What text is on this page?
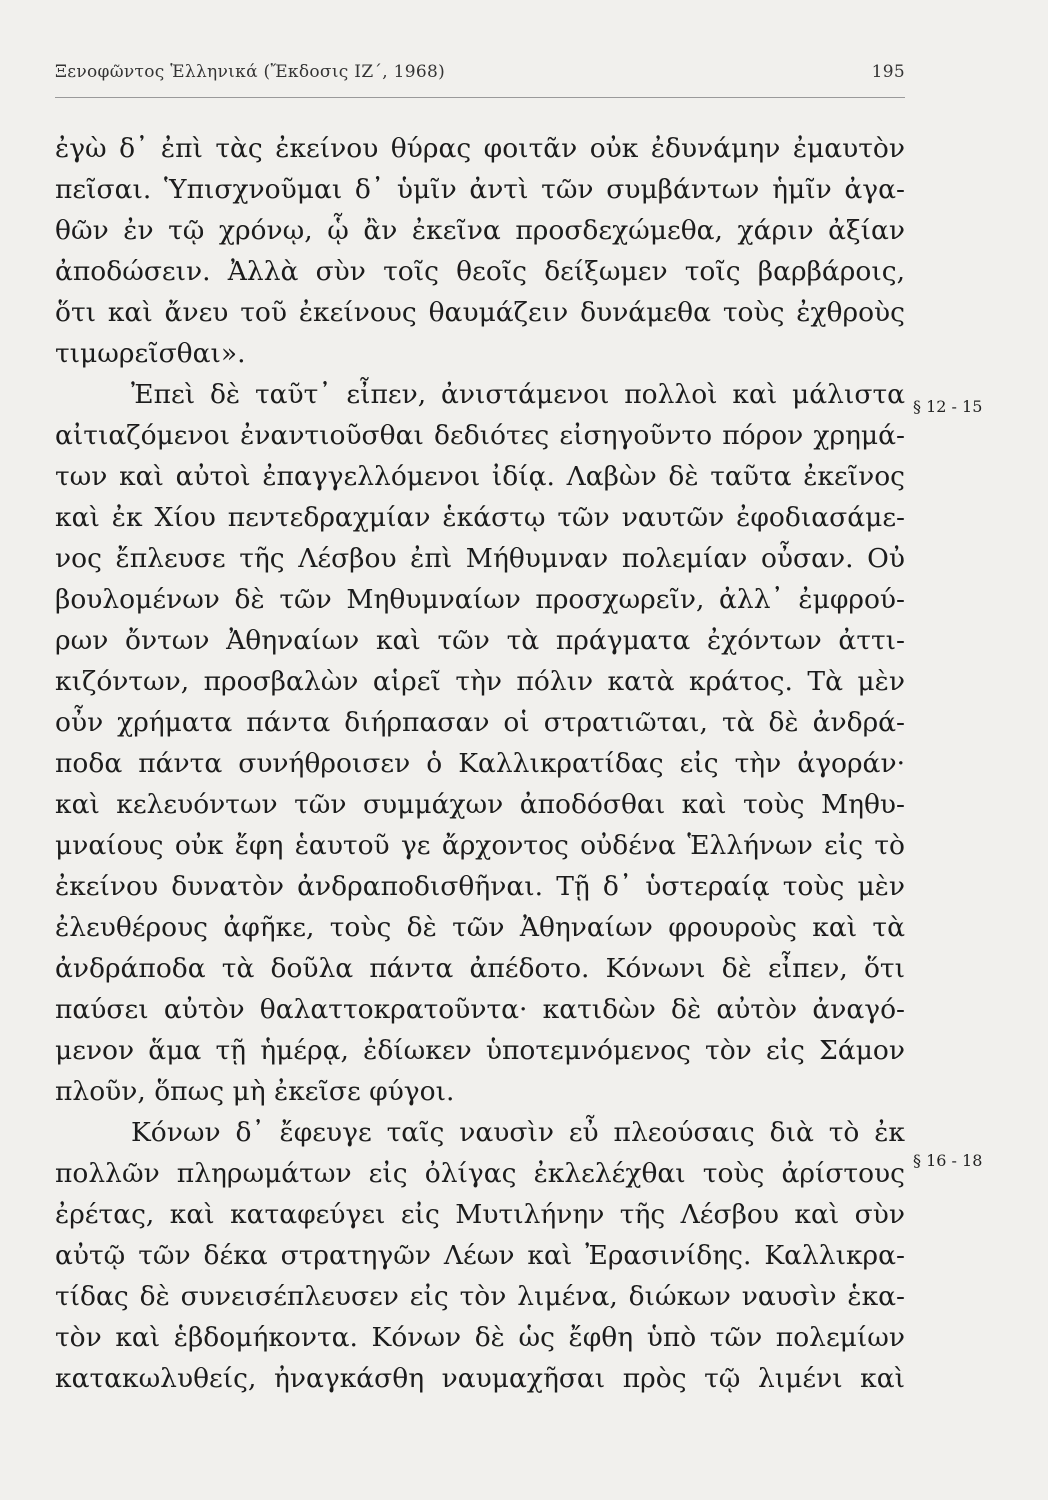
Ξενοφῶντος Ἑλληνικά (Ἔκδοσις ΙΖ΄, 1968)	195
ἐγὼ δ᾽ ἐπὶ τὰς ἐκείνου θύρας φοιτᾶν οὐκ ἐδυνάμην ἐμαυτὸν
πεῖσαι. Ὑπισχνοῦμαι δ᾽ ὑμῖν ἀντὶ τῶν συμβάντων ἡμῖν ἀγα-
θῶν ἐν τῷ χρόνῳ, ᾧ ἂν ἐκεῖνα προσδεχώμεθα, χάριν ἀξίαν
ἀποδώσειν. Ἀλλὰ σὺν τοῖς θεοῖς δείξωμεν τοῖς βαρβάροις,
ὅτι καὶ ἄνευ τοῦ ἐκείνους θαυμάζειν δυνάμεθα τοὺς ἐχθροὺς
τιμωρεῖσθαι».
Ἐπεὶ δὲ ταῦτ᾽ εἶπεν, ἀνιστάμενοι πολλοὶ καὶ μάλιστα
αἰτιαζόμενοι ἐναντιοῦσθαι δεδιότες εἰσηγοῦντο πόρον χρημά-
των καὶ αὐτοὶ ἐπαγγελλόμενοι ἰδίᾳ. Λαβὼν δὲ ταῦτα ἐκεῖνος
καὶ ἐκ Χίου πεντεδραχμίαν ἑκάστῳ τῶν ναυτῶν ἐφοδιασάμε-
νος ἔπλευσε τῆς Λέσβου ἐπὶ Μήθυμναν πολεμίαν οὖσαν. Οὐ
βουλομένων δὲ τῶν Μηθυμναίων προσχωρεῖν, ἀλλ᾽ ἐμφρού-
ρων ὄντων Ἀθηναίων καὶ τῶν τὰ πράγματα ἐχόντων ἀττι-
κιζόντων, προσβαλὼν αἱρεῖ τὴν πόλιν κατὰ κράτος. Τὰ μὲν
οὖν χρήματα πάντα διήρπασαν οἱ στρατιῶται, τὰ δὲ ἀνδρά-
ποδα πάντα συνήθροισεν ὁ Καλλικρατίδας εἰς τὴν ἀγοράν·
καὶ κελευόντων τῶν συμμάχων ἀποδόσθαι καὶ τοὺς Μηθυ-
μναίους οὐκ ἔφη ἑαυτοῦ γε ἄρχοντος οὐδένα Ἑλλήνων εἰς τὸ
ἐκείνου δυνατὸν ἀνδραποδισθῆναι. Τῇ δ᾽ ὑστεραίᾳ τοὺς μὲν
ἐλευθέρους ἀφῆκε, τοὺς δὲ τῶν Ἀθηναίων φρουροὺς καὶ τὰ
ἀνδράποδα τὰ δοῦλα πάντα ἀπέδοτο. Κόνωνι δὲ εἶπεν, ὅτι
παύσει αὐτὸν θαλαττοκρατοῦντα· κατιδὼν δὲ αὐτὸν ἀναγό-
μενον ἅμα τῇ ἡμέρᾳ, ἐδίωκεν ὑποτεμνόμενος τὸν εἰς Σάμον
πλοῦν, ὅπως μὴ ἐκεῖσε φύγοι.
Κόνων δ᾽ ἔφευγε ταῖς ναυσὶν εὖ πλεούσαις διὰ τὸ ἐκ
πολλῶν πληρωμάτων εἰς ὀλίγας ἐκλελέχθαι τοὺς ἀρίστους
ἐρέτας, καὶ καταφεύγει εἰς Μυτιλήνην τῆς Λέσβου καὶ σὺν
αὐτῷ τῶν δέκα στρατηγῶν Λέων καὶ Ἐρασινίδης. Καλλικρα-
τίδας δὲ συνεισέπλευσεν εἰς τὸν λιμένα, διώκων ναυσὶν ἑκα-
τὸν καὶ ἑβδομήκοντα. Κόνων δὲ ὡς ἔφθη ὑπὸ τῶν πολεμίων
κατακωλυθείς, ἠναγκάσθη ναυμαχῆσαι πρὸς τῷ λιμένι καὶ
§ 12 - 15
§ 16 - 18
